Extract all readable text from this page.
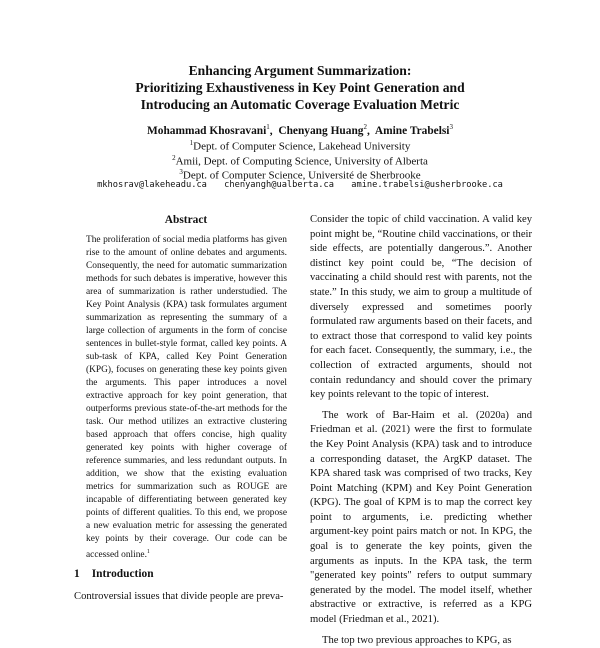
Enhancing Argument Summarization:
Prioritizing Exhaustiveness in Key Point Generation and
Introducing an Automatic Coverage Evaluation Metric
Mohammad Khosravani$^1$,  Chenyang Huang$^2$,  Amine Trabelsi$^3$
$^1$Dept. of Computer Science, Lakehead University
$^2$Amii, Dept. of Computing Science, University of Alberta
$^3$Dept. of Computer Science, Université de Sherbrooke
mkhosrav@lakeheadu.ca chenyangh@ualberta.ca amine.trabelsi@usherbrooke.ca
Abstract

The proliferation of social media platforms has given rise to the amount of online debates and arguments. Consequently, the need for automatic summarization methods for such debates is imperative, however this area of summarization is rather understudied. The Key Point Analysis (KPA) task formulates argument summarization as representing the summary of a large collection of arguments in the form of concise sentences in bullet-style format, called key points. A sub-task of KPA, called Key Point Generation (KPG), focuses on generating these key points given the arguments. This paper introduces a novel extractive approach for key point generation, that outperforms previous state-of-the-art methods for the task. Our method utilizes an extractive clustering based approach that offers concise, high quality generated key points with higher coverage of reference summaries, and less redundant outputs. In addition, we show that the existing evaluation metrics for summarization such as ROUGE are incapable of differentiating between generated key points of different qualities. To this end, we propose a new evaluation metric for assessing the generated key points by their coverage. Our code can be accessed online.$^1$

1 Introduction

Controversial issues that divide people are preva-

Consider the topic of child vaccination. A valid key point might be, “Routine child vaccinations, or their side effects, are potentially dangerous.”. Another distinct key point could be, “The decision of vaccinating a child should rest with parents, not the state.” In this study, we aim to group a multitude of diversely expressed and sometimes poorly formulated raw arguments based on their facets, and to extract those that correspond to valid key points for each facet. Consequently, the summary, i.e., the collection of extracted arguments, should not contain redundancy and should cover the primary key points relevant to the topic of interest.

The work of Bar-Haim et al. (2020a) and Friedman et al. (2021) were the first to formulate the Key Point Analysis (KPA) task and to introduce a corresponding dataset, the ArgKP dataset. The KPA shared task was comprised of two tracks, Key Point Matching (KPM) and Key Point Generation (KPG). The goal of KPM is to map the correct key point to arguments, i.e. predicting whether argument-key point pairs match or not. In KPG, the goal is to generate the key points, given the arguments as inputs. In the KPA task, the term "generated key points" refers to output summary generated by the model. The model itself, whether abstractive or extractive, is referred as a KPG model (Friedman et al., 2021).

The top two previous approaches to KPG, as
